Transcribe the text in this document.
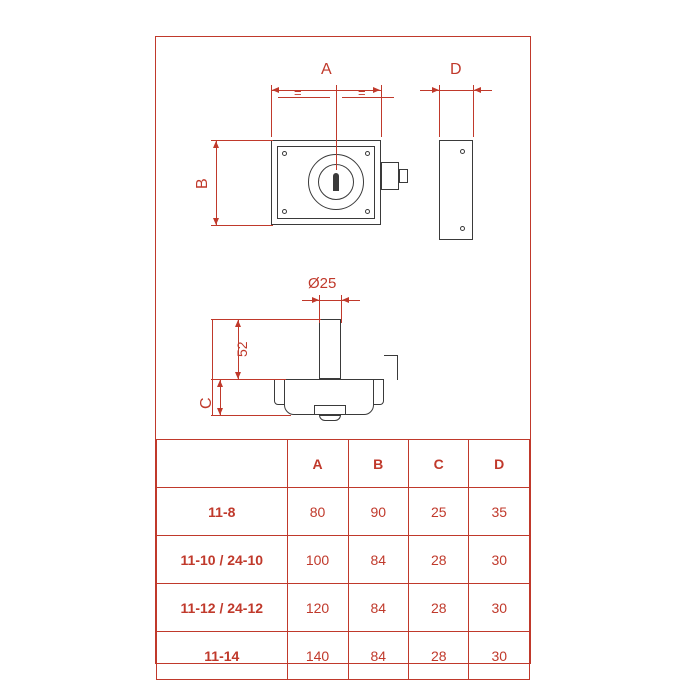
A
=	=
B
D
Ø25
52
C
	A	B	C	D
11-8	80	90	25	35
11-10 / 24-10	100	84	28	30
11-12 / 24-12	120	84	28	30
11-14	140	84	28	30
